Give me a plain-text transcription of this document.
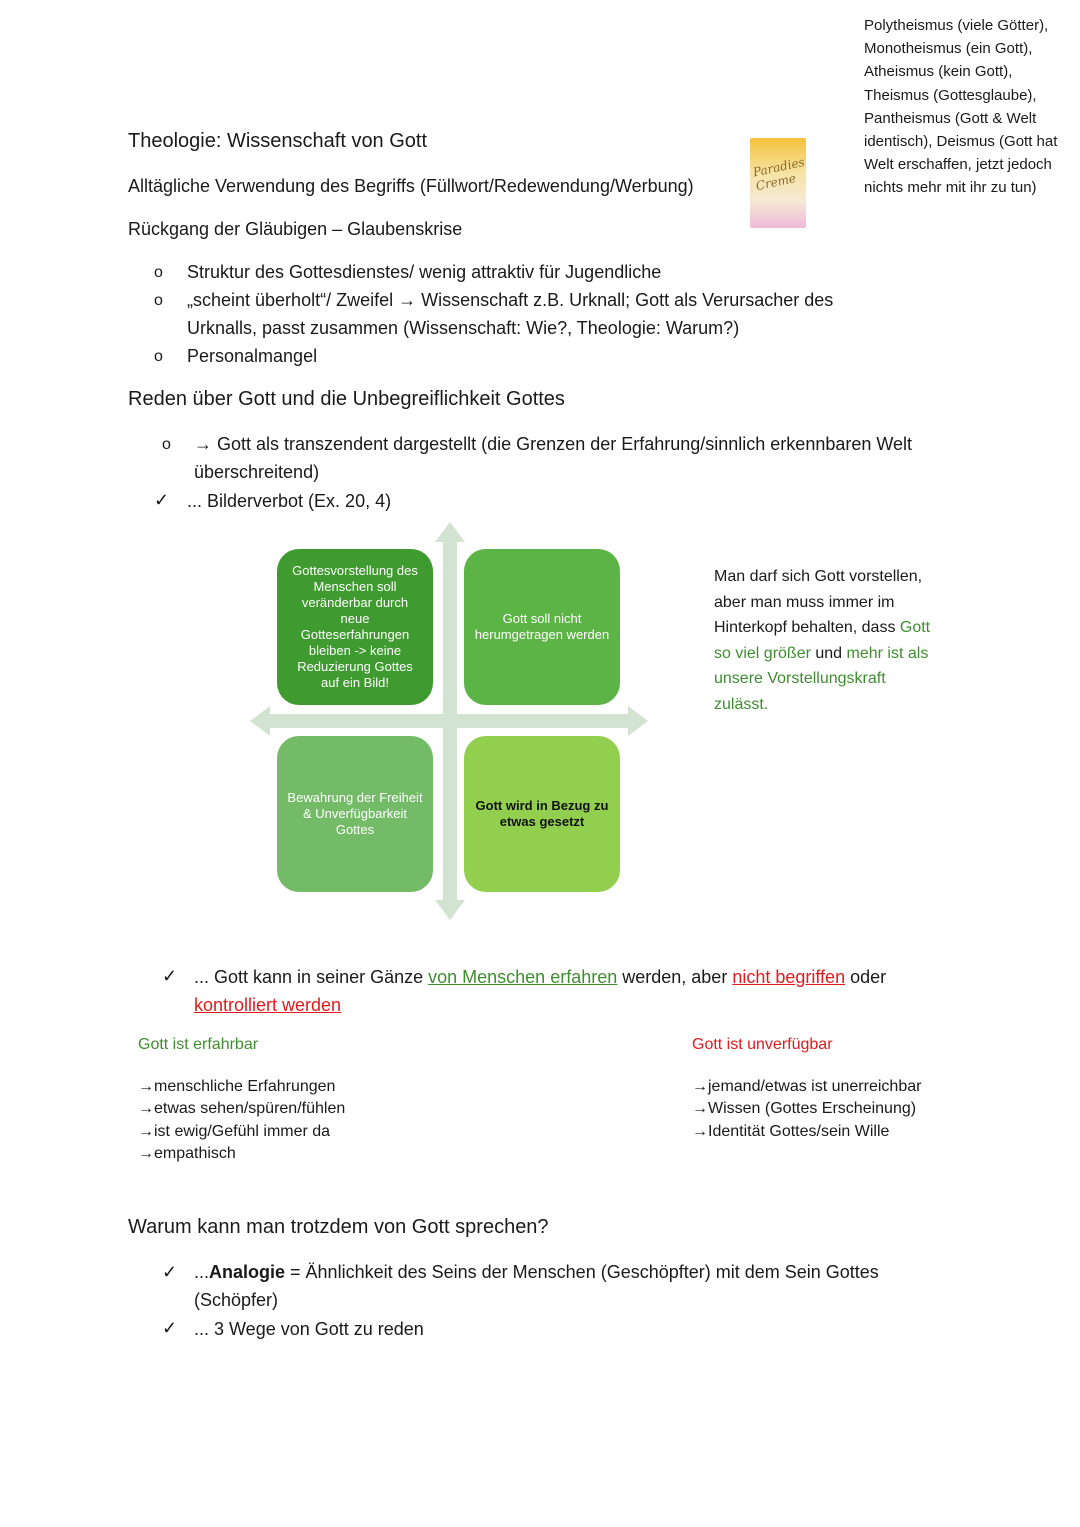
Polytheismus (viele Götter), Monotheismus (ein Gott), Atheismus (kein Gott), Theismus (Gottesglaube), Pantheismus (Gott & Welt identisch), Deismus (Gott hat Welt erschaffen, jetzt jedoch nichts mehr mit ihr zu tun)
Paradies Creme
Theologie: Wissenschaft von Gott
Alltägliche Verwendung des Begriffs (Füllwort/Redewendung/Werbung)
Rückgang der Gläubigen – Glaubenskrise
o Struktur des Gottesdienstes/ wenig attraktiv für Jugendliche
o „scheint überholt“/ Zweifel → Wissenschaft z.B. Urknall; Gott als Verursacher des
Urknalls, passt zusammen (Wissenschaft: Wie?, Theologie: Warum?)
o Personalmangel
Reden über Gott und die Unbegreiflichkeit Gottes
o → Gott als transzendent dargestellt (die Grenzen der Erfahrung/sinnlich erkennbaren Welt
überschreitend)
✓ ... Bilderverbot (Ex. 20, 4)
Gottesvorstellung des Menschen soll veränderbar durch neue Gotteserfahrungen bleiben -> keine Reduzierung Gottes auf ein Bild!
Gott soll nicht herumgetragen werden
Bewahrung der Freiheit & Unverfügbarkeit Gottes
Gott wird in Bezug zu etwas gesetzt
Man darf sich Gott vorstellen, aber man muss immer im Hinterkopf behalten, dass Gott so viel größer und mehr ist als unsere Vorstellungskraft zulässt.
✓ ... Gott kann in seiner Gänze von Menschen erfahren werden, aber nicht begriffen oder
kontrolliert werden
Gott ist erfahrbar
→menschliche Erfahrungen
→etwas sehen/spüren/fühlen
→ist ewig/Gefühl immer da
→empathisch
Gott ist unverfügbar
→jemand/etwas ist unerreichbar
→Wissen (Gottes Erscheinung)
→Identität Gottes/sein Wille
Warum kann man trotzdem von Gott sprechen?
✓ ...Analogie = Ähnlichkeit des Seins der Menschen (Geschöpfter) mit dem Sein Gottes
(Schöpfer)
✓ ... 3 Wege von Gott zu reden
